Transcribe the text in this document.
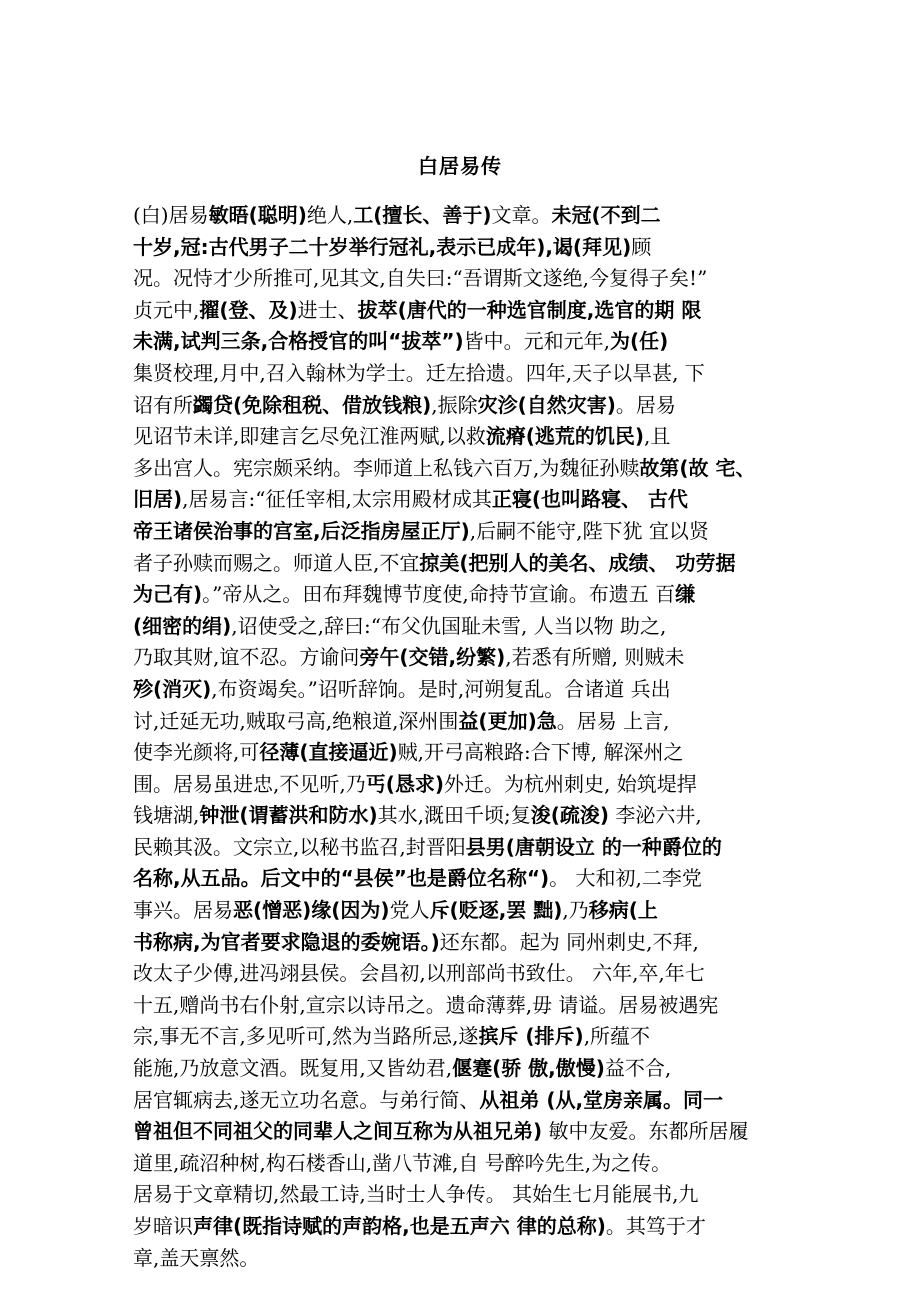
白居易传
(白)居易敏晤(聪明)绝人,工(擅长、善于)文章。未冠(不到二
十岁,冠:古代男子二十岁举行冠礼,表示已成年),谒(拜见)顾
况。况恃才少所推可,见其文,自失曰:“吾谓斯文遂绝,今复得子矣!”
贞元中,擢(登、及)进士、拔萃(唐代的一种选官制度,选官的期 限
未满,试判三条,合格授官的叫“拔萃”)皆中。元和元年,为(任)
集贤校理,月中,召入翰林为学士。迁左拾遗。四年,天子以旱甚, 下
诏有所蠲贷(免除租税、借放钱粮),振除灾沴(自然灾害)。居易
见诏节未详,即建言乞尽免江淮两赋,以救流瘠(逃荒的饥民),且
多出宫人。宪宗颇采纳。李师道上私钱六百万,为魏征孙赎故第(故 宅、
旧居),居易言:“征任宰相,太宗用殿材成其正寝(也叫路寝、 古代
帝王诸侯治事的宫室,后泛指房屋正厅),后嗣不能守,陛下犹 宜以贤
者子孙赎而赐之。师道人臣,不宜掠美(把别人的美名、成绩、 功劳据
为己有)。”帝从之。田布拜魏博节度使,命持节宣谕。布遗五 百缣
(细密的绢),诏使受之,辞曰:“布父仇国耻未雪, 人当以物 助之,
乃取其财,谊不忍。方谕问旁午(交错,纷繁),若悉有所赠, 则贼未
殄(消灭),布资竭矣。”诏听辞饷。是时,河朔复乱。合诸道 兵出
讨,迁延无功,贼取弓高,绝粮道,深州围益(更加)急。居易 上言,
使李光颜将,可径薄(直接逼近)贼,开弓高粮路:合下博, 解深州之
围。居易虽进忠,不见听,乃丐(恳求)外迁。为杭州刺史, 始筑堤捍
钱塘湖,钟泄(谓蓄洪和防水)其水,溉田千顷;复浚(疏浚) 李泌六井,
民赖其汲。文宗立,以秘书监召,封晋阳县男(唐朝设立 的一种爵位的
名称,从五品。后文中的“县侯”也是爵位名称“)。 大和初,二李党
事兴。居易恶(憎恶)缘(因为)党人斥(贬逐,罢 黜),乃移病(上
书称病,为官者要求隐退的委婉语。)还东都。起为 同州刺史,不拜,
改太子少傅,进冯翊县侯。会昌初,以刑部尚书致仕。 六年,卒,年七
十五,赠尚书右仆射,宣宗以诗吊之。遗命薄葬,毋 请谥。居易被遇宪
宗,事无不言,多见听可,然为当路所忌,遂摈斥 (排斥),所蕴不
能施,乃放意文酒。既复用,又皆幼君,偃蹇(骄 傲,傲慢)益不合,
居官辄病去,遂无立功名意。与弟行简、从祖弟 (从,堂房亲属。同一
曾祖但不同祖父的同辈人之间互称为从祖兄弟) 敏中友爱。东都所居履
道里,疏沼种树,构石楼香山,凿八节滩,自 号醉吟先生,为之传。
居易于文章精切,然最工诗,当时士人争传。 其始生七月能展书,九
岁暗识声律(既指诗赋的声韵格,也是五声六 律的总称)。其笃于才
章,盖天禀然。
